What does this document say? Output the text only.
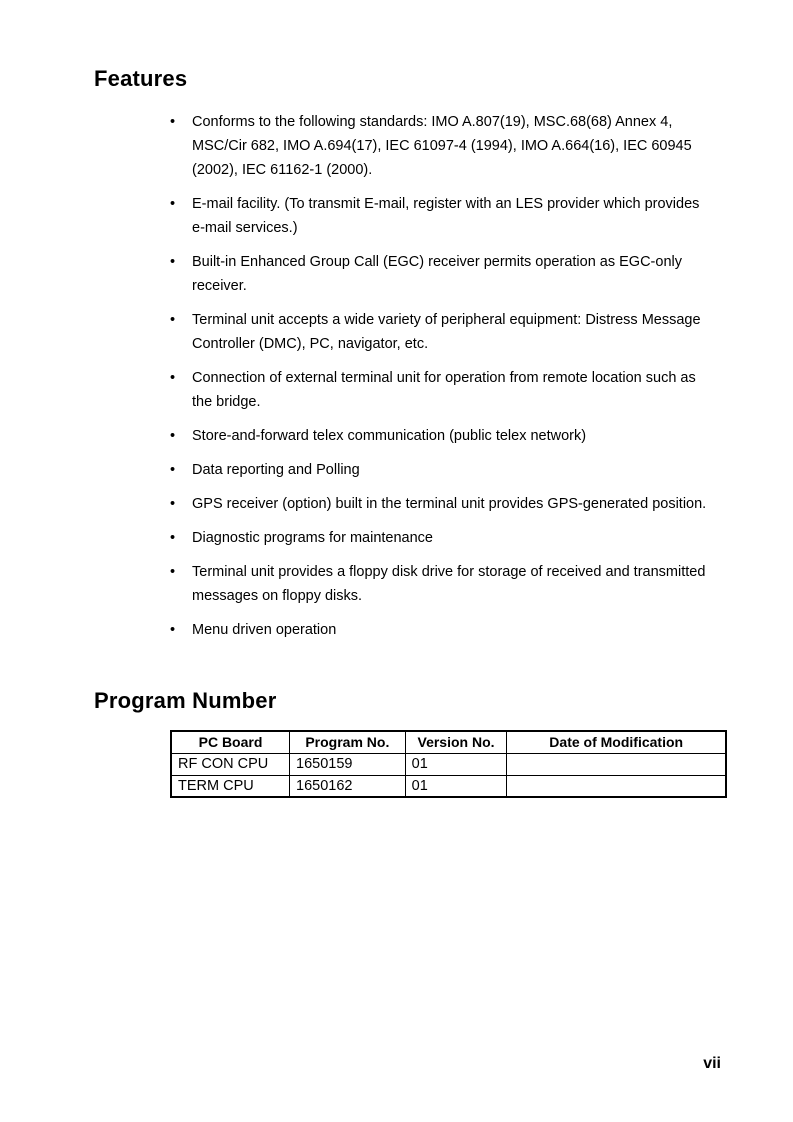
Features
•	Conforms to the following standards: IMO A.807(19), MSC.68(68) Annex 4, MSC/Cir 682, IMO A.694(17), IEC 61097-4 (1994), IMO A.664(16), IEC 60945 (2002), IEC 61162-1 (2000).
•	E-mail facility. (To transmit E-mail, register with an LES provider which provides e-mail services.)
•	Built-in Enhanced Group Call (EGC) receiver permits operation as EGC-only receiver.
•	Terminal unit accepts a wide variety of peripheral equipment: Distress Message Controller (DMC), PC, navigator, etc.
•	Connection of external terminal unit for operation from remote location such as the bridge.
•	Store-and-forward telex communication (public telex network)
•	Data reporting and Polling
•	GPS receiver (option) built in the terminal unit provides GPS-generated position.
•	Diagnostic programs for maintenance
•	Terminal unit provides a floppy disk drive for storage of received and transmitted messages on floppy disks.
•	Menu driven operation
Program Number
PC Board	Program No.	Version No.	Date of Modification
RF CON CPU	1650159	01	
TERM CPU	1650162	01	
vii
